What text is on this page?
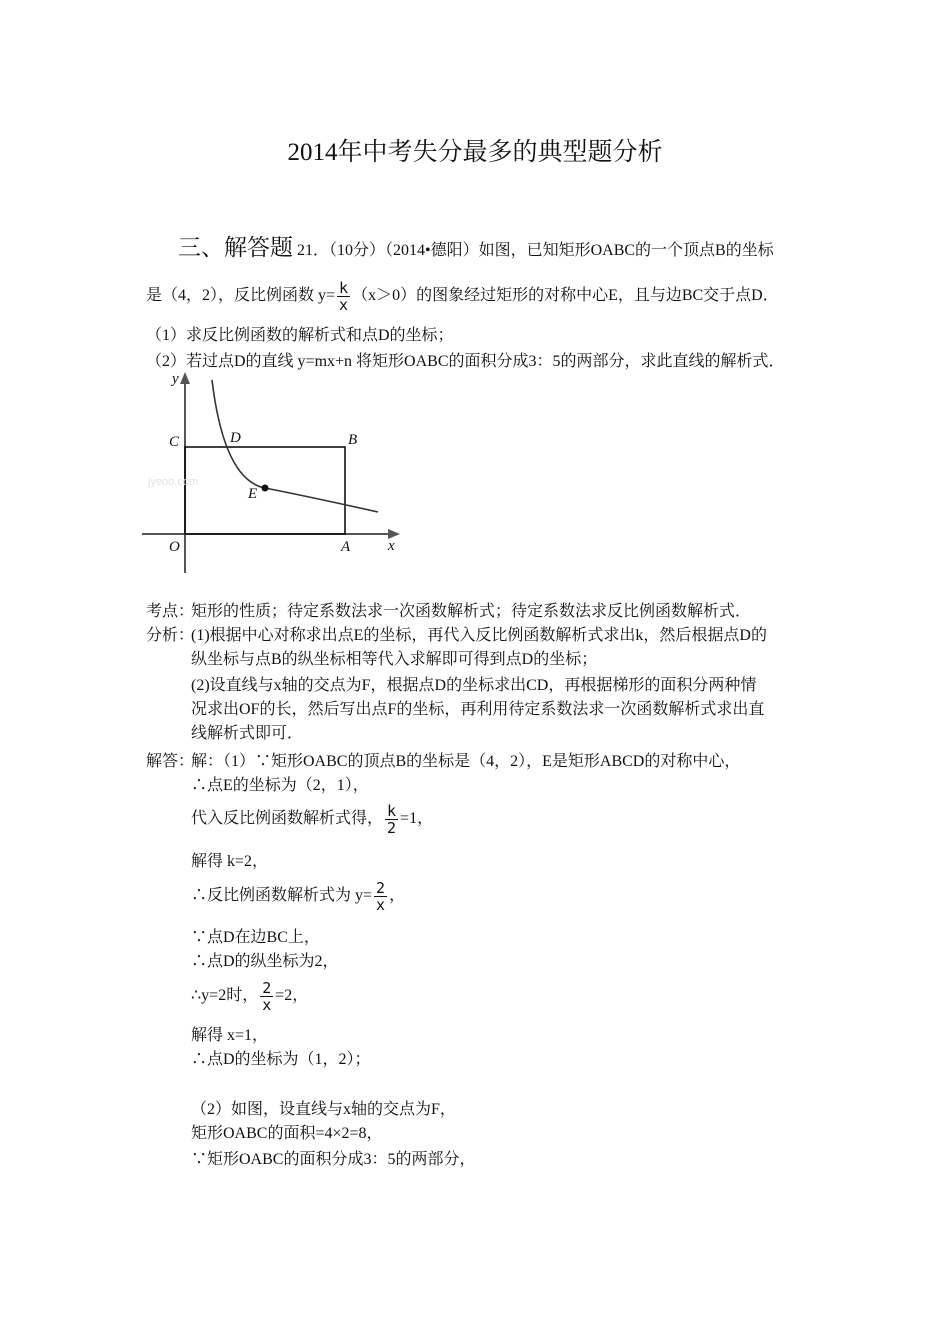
2014年中考失分最多的典型题分析
三、解答题 21．（10分）（2014•德阳）如图，已知矩形OABC的一个顶点B的坐标
是（4，2），反比例函数 $y= \frac{k}{x} (x>0)$的图象经过矩形的对称中心E，且与边BC交于点D．
（1）求反比例函数的解析式和点D的坐标；
（2）若过点D的直线 y=mx+n 将矩形OABC的面积分成3：5的两部分，求此直线的解析式．
y
x
C	D	B
E
O	A
jyeoo.com
考点：
矩形的性质；待定系数法求一次函数解析式；待定系数法求反比例函数解析式．
分析：
(1)根据中心对称求出点E的坐标，再代入反比例函数解析式求出k，然后根据点D的
纵坐标与点B的纵坐标相等代入求解即可得到点D的坐标；
(2)设直线与x轴的交点为F，根据点D的坐标求出CD，再根据梯形的面积分两种情
况求出OF的长，然后写出点F的坐标，再利用待定系数法求一次函数解析式求出直
线解析式即可．
解答：
解：（1）∵矩形OABC的顶点B的坐标是（4，2），E是矩形ABCD的对称中心，
∴点E的坐标为（2，1），
代入反比例函数解析式得， $\frac{k}{2} =1$，
解得 k=2，
∴反比例函数解析式为 $y= \frac{2}{x}$ ，
∵点D在边BC上，
∴点D的纵坐标为2，
∴y=2时， $\frac{2}{x} =2$，
解得 x=1，
∴点D的坐标为（1，2）；
（2）如图，设直线与x轴的交点为F，
矩形OABC的面积=4×2=8，
∵矩形OABC的面积分成3：5的两部分，
